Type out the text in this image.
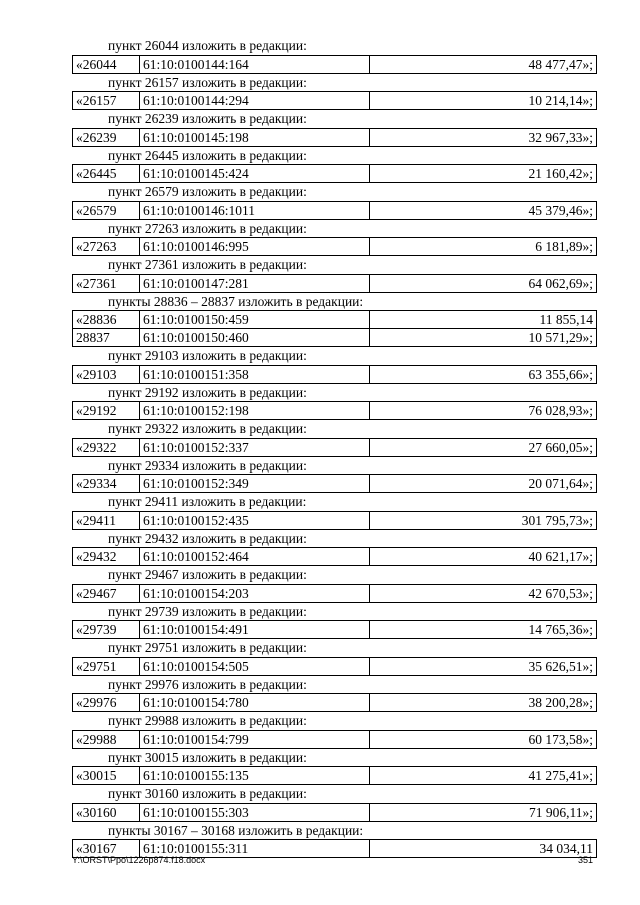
пункт 26044 изложить в редакции:
«26044	61:10:0100144:164	48 477,47»;
пункт 26157 изложить в редакции:
«26157	61:10:0100144:294	10 214,14»;
пункт 26239 изложить в редакции:
«26239	61:10:0100145:198	32 967,33»;
пункт 26445 изложить в редакции:
«26445	61:10:0100145:424	21 160,42»;
пункт 26579 изложить в редакции:
«26579	61:10:0100146:1011	45 379,46»;
пункт 27263 изложить в редакции:
«27263	61:10:0100146:995	6 181,89»;
пункт 27361 изложить в редакции:
«27361	61:10:0100147:281	64 062,69»;
пункты 28836 – 28837 изложить в редакции:
«28836	61:10:0100150:459	11 855,14
28837	61:10:0100150:460	10 571,29»;
пункт 29103 изложить в редакции:
«29103	61:10:0100151:358	63 355,66»;
пункт 29192 изложить в редакции:
«29192	61:10:0100152:198	76 028,93»;
пункт 29322 изложить в редакции:
«29322	61:10:0100152:337	27 660,05»;
пункт 29334 изложить в редакции:
«29334	61:10:0100152:349	20 071,64»;
пункт 29411 изложить в редакции:
«29411	61:10:0100152:435	301 795,73»;
пункт 29432 изложить в редакции:
«29432	61:10:0100152:464	40 621,17»;
пункт 29467 изложить в редакции:
«29467	61:10:0100154:203	42 670,53»;
пункт 29739 изложить в редакции:
«29739	61:10:0100154:491	14 765,36»;
пункт 29751 изложить в редакции:
«29751	61:10:0100154:505	35 626,51»;
пункт 29976 изложить в редакции:
«29976	61:10:0100154:780	38 200,28»;
пункт 29988 изложить в редакции:
«29988	61:10:0100154:799	60 173,58»;
пункт 30015 изложить в редакции:
«30015	61:10:0100155:135	41 275,41»;
пункт 30160 изложить в редакции:
«30160	61:10:0100155:303	71 906,11»;
пункты 30167 – 30168 изложить в редакции:
«30167	61:10:0100155:311	34 034,11
Y:\ORST\Ppo\1226p874.f18.docx	351
